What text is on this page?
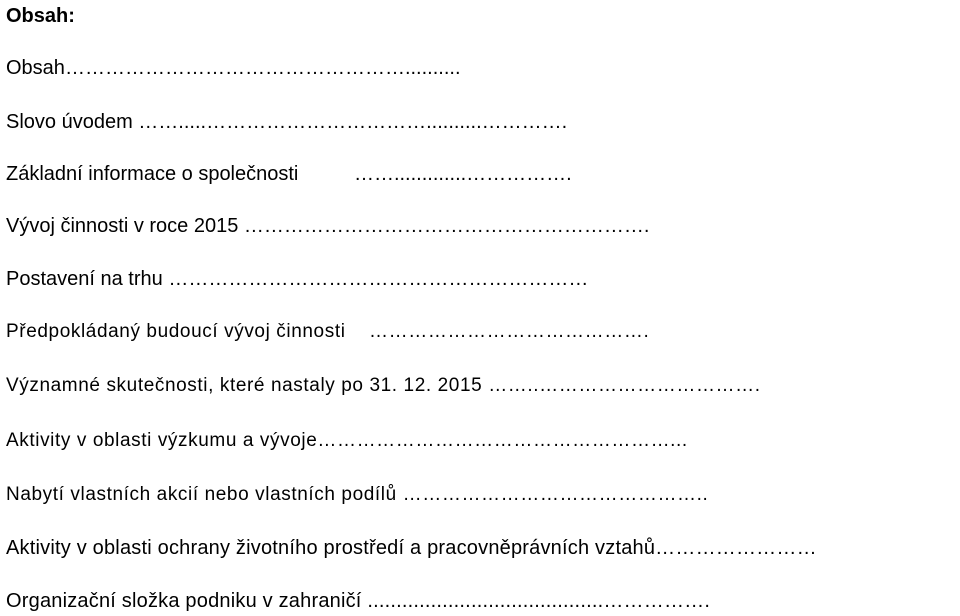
Obsah:
Obsah……………………………………………..........
Slovo úvodem …….....……………………………..........………….
Základní informace o společnosti          …….............…………….
Vývoj činnosti v roce 2015 …………………………………………………….
Postavení na trhu ………………………………………………………
Předpokládaný budoucí vývoj činnosti    …………………………………….
Významné skutečnosti, které nastaly po 31. 12. 2015 ……..…………………………….
Aktivity v oblasti výzkumu a vývoje………………………………………………...
Nabytí vlastních akcií nebo vlastních podílů ………………………………………..
Aktivity v oblasti ochrany životního prostředí a pracovněprávních vztahů……………………
Organizační složka podniku v zahraničí .........................................…………….
